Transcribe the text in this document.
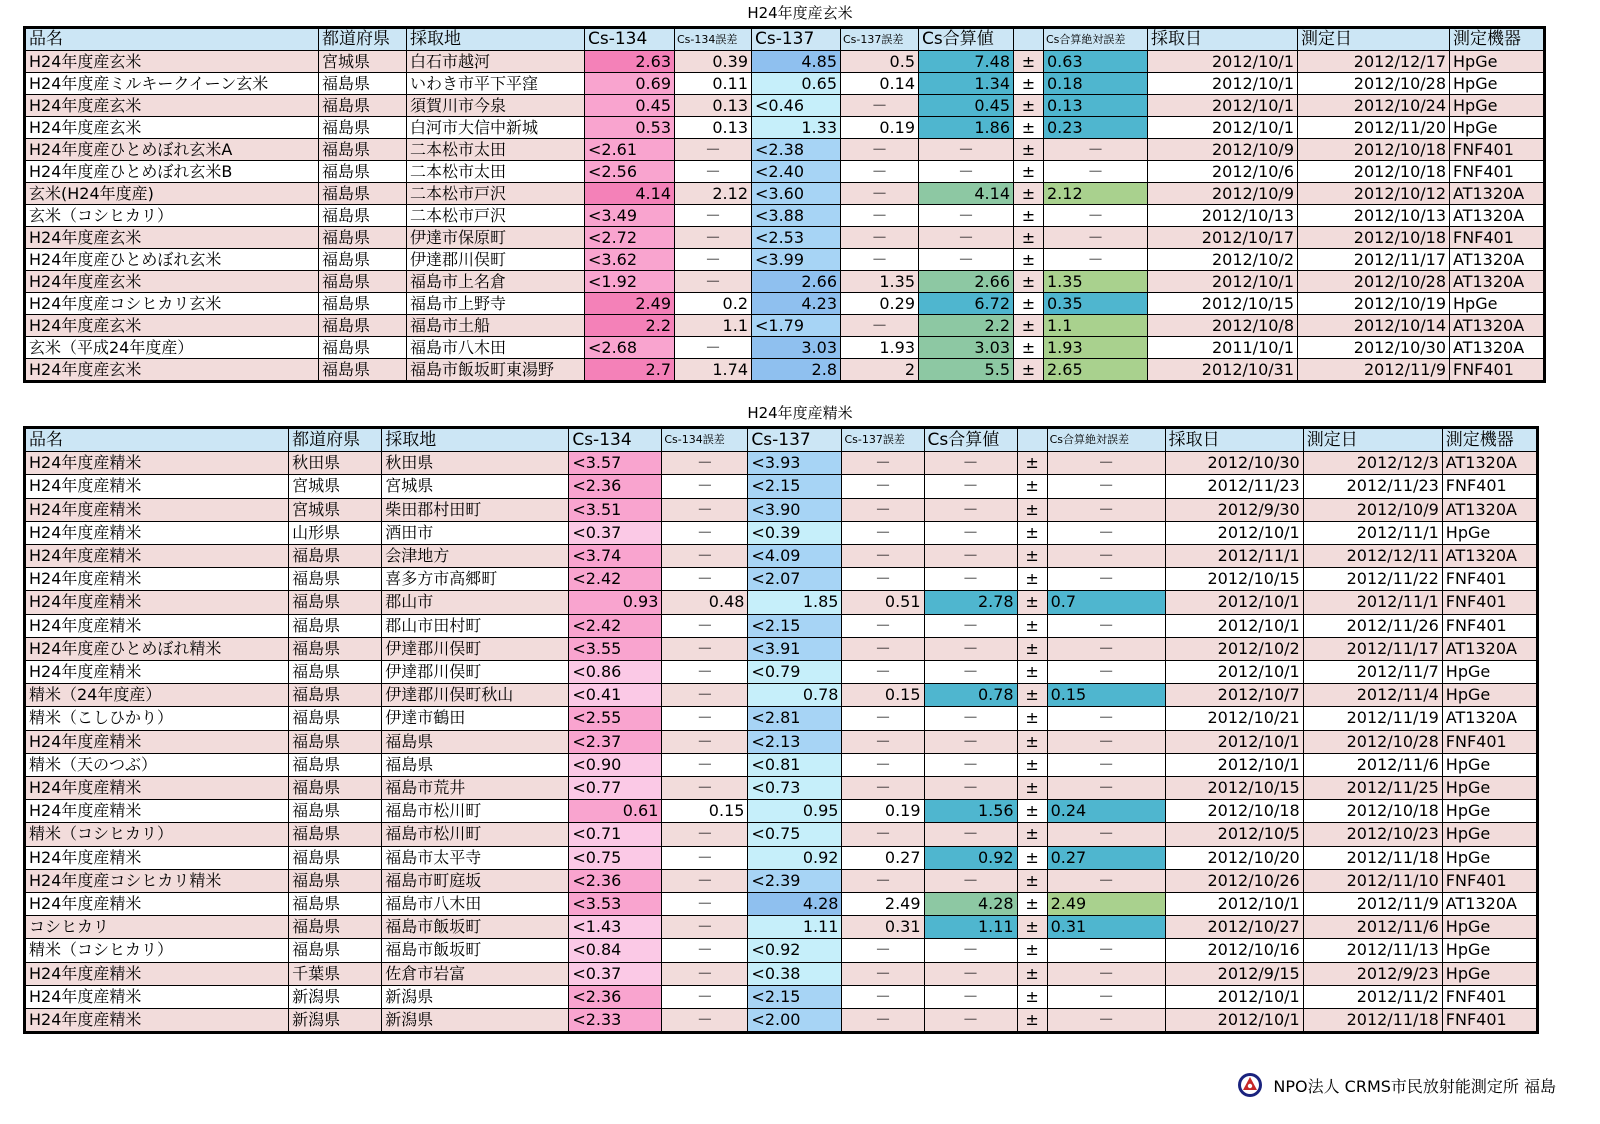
H24年度産玄米
品名	都道府県	採取地	Cs-134	Cs-134誤差	Cs-137	Cs-137誤差	Cs合算値		Cs合算絶対誤差	採取日	測定日	測定機器
H24年度産玄米	宮城県	白石市越河	2.63	0.39	4.85	0.5	7.48	±	0.63	2012/10/1	2012/12/17	HpGe
H24年度産ミルキークイーン玄米	福島県	いわき市平下平窪	0.69	0.11	0.65	0.14	1.34	±	0.18	2012/10/1	2012/10/28	HpGe
H24年度産玄米	福島県	須賀川市今泉	0.45	0.13	<0.46	－	0.45	±	0.13	2012/10/1	2012/10/24	HpGe
H24年度産玄米	福島県	白河市大信中新城	0.53	0.13	1.33	0.19	1.86	±	0.23	2012/10/1	2012/11/20	HpGe
H24年度産ひとめぼれ玄米A	福島県	二本松市太田	<2.61	－	<2.38	－	－	±	－	2012/10/9	2012/10/18	FNF401
H24年度産ひとめぼれ玄米B	福島県	二本松市太田	<2.56	－	<2.40	－	－	±	－	2012/10/6	2012/10/18	FNF401
玄米(H24年度産)	福島県	二本松市戸沢	4.14	2.12	<3.60	－	4.14	±	2.12	2012/10/9	2012/10/12	AT1320A
玄米（コシヒカリ）	福島県	二本松市戸沢	<3.49	－	<3.88	－	－	±	－	2012/10/13	2012/10/13	AT1320A
H24年度産玄米	福島県	伊達市保原町	<2.72	－	<2.53	－	－	±	－	2012/10/17	2012/10/18	FNF401
H24年度産ひとめぼれ玄米	福島県	伊達郡川俣町	<3.62	－	<3.99	－	－	±	－	2012/10/2	2012/11/17	AT1320A
H24年度産玄米	福島県	福島市上名倉	<1.92	－	2.66	1.35	2.66	±	1.35	2012/10/1	2012/10/28	AT1320A
H24年度産コシヒカリ玄米	福島県	福島市上野寺	2.49	0.2	4.23	0.29	6.72	±	0.35	2012/10/15	2012/10/19	HpGe
H24年度産玄米	福島県	福島市土船	2.2	1.1	<1.79	－	2.2	±	1.1	2012/10/8	2012/10/14	AT1320A
玄米（平成24年度産）	福島県	福島市八木田	<2.68	－	3.03	1.93	3.03	±	1.93	2011/10/1	2012/10/30	AT1320A
H24年度産玄米	福島県	福島市飯坂町東湯野	2.7	1.74	2.8	2	5.5	±	2.65	2012/10/31	2012/11/9	FNF401
H24年度産精米
品名	都道府県	採取地	Cs-134	Cs-134誤差	Cs-137	Cs-137誤差	Cs合算値		Cs合算絶対誤差	採取日	測定日	測定機器
H24年度産精米	秋田県	秋田県	<3.57	－	<3.93	－	－	±	－	2012/10/30	2012/12/3	AT1320A
H24年度産精米	宮城県	宮城県	<2.36	－	<2.15	－	－	±	－	2012/11/23	2012/11/23	FNF401
H24年度産精米	宮城県	柴田郡村田町	<3.51	－	<3.90	－	－	±	－	2012/9/30	2012/10/9	AT1320A
H24年度産精米	山形県	酒田市	<0.37	－	<0.39	－	－	±	－	2012/10/1	2012/11/1	HpGe
H24年度産精米	福島県	会津地方	<3.74	－	<4.09	－	－	±	－	2012/11/1	2012/12/11	AT1320A
H24年度産精米	福島県	喜多方市高郷町	<2.42	－	<2.07	－	－	±	－	2012/10/15	2012/11/22	FNF401
H24年度産精米	福島県	郡山市	0.93	0.48	1.85	0.51	2.78	±	0.7	2012/10/1	2012/11/1	FNF401
H24年度産精米	福島県	郡山市田村町	<2.42	－	<2.15	－	－	±	－	2012/10/1	2012/11/26	FNF401
H24年度産ひとめぼれ精米	福島県	伊達郡川俣町	<3.55	－	<3.91	－	－	±	－	2012/10/2	2012/11/17	AT1320A
H24年度産精米	福島県	伊達郡川俣町	<0.86	－	<0.79	－	－	±	－	2012/10/1	2012/11/7	HpGe
精米（24年度産）	福島県	伊達郡川俣町秋山	<0.41	－	0.78	0.15	0.78	±	0.15	2012/10/7	2012/11/4	HpGe
精米（こしひかり）	福島県	伊達市鶴田	<2.55	－	<2.81	－	－	±	－	2012/10/21	2012/11/19	AT1320A
H24年度産精米	福島県	福島県	<2.37	－	<2.13	－	－	±	－	2012/10/1	2012/10/28	FNF401
精米（天のつぶ）	福島県	福島県	<0.90	－	<0.81	－	－	±	－	2012/10/1	2012/11/6	HpGe
H24年度産精米	福島県	福島市荒井	<0.77	－	<0.73	－	－	±	－	2012/10/15	2012/11/25	HpGe
H24年度産精米	福島県	福島市松川町	0.61	0.15	0.95	0.19	1.56	±	0.24	2012/10/18	2012/10/18	HpGe
精米（コシヒカリ）	福島県	福島市松川町	<0.71	－	<0.75	－	－	±	－	2012/10/5	2012/10/23	HpGe
H24年度産精米	福島県	福島市太平寺	<0.75	－	0.92	0.27	0.92	±	0.27	2012/10/20	2012/11/18	HpGe
H24年度産コシヒカリ精米	福島県	福島市町庭坂	<2.36	－	<2.39	－	－	±	－	2012/10/26	2012/11/10	FNF401
H24年度産精米	福島県	福島市八木田	<3.53	－	4.28	2.49	4.28	±	2.49	2012/10/1	2012/11/9	AT1320A
コシヒカリ	福島県	福島市飯坂町	<1.43	－	1.11	0.31	1.11	±	0.31	2012/10/27	2012/11/6	HpGe
精米（コシヒカリ）	福島県	福島市飯坂町	<0.84	－	<0.92	－	－	±	－	2012/10/16	2012/11/13	HpGe
H24年度産精米	千葉県	佐倉市岩富	<0.37	－	<0.38	－	－	±	－	2012/9/15	2012/9/23	HpGe
H24年度産精米	新潟県	新潟県	<2.36	－	<2.15	－	－	±	－	2012/10/1	2012/11/2	FNF401
H24年度産精米	新潟県	新潟県	<2.33	－	<2.00	－	－	±	－	2012/10/1	2012/11/18	FNF401
NPO法人 CRMS市民放射能測定所 福島
